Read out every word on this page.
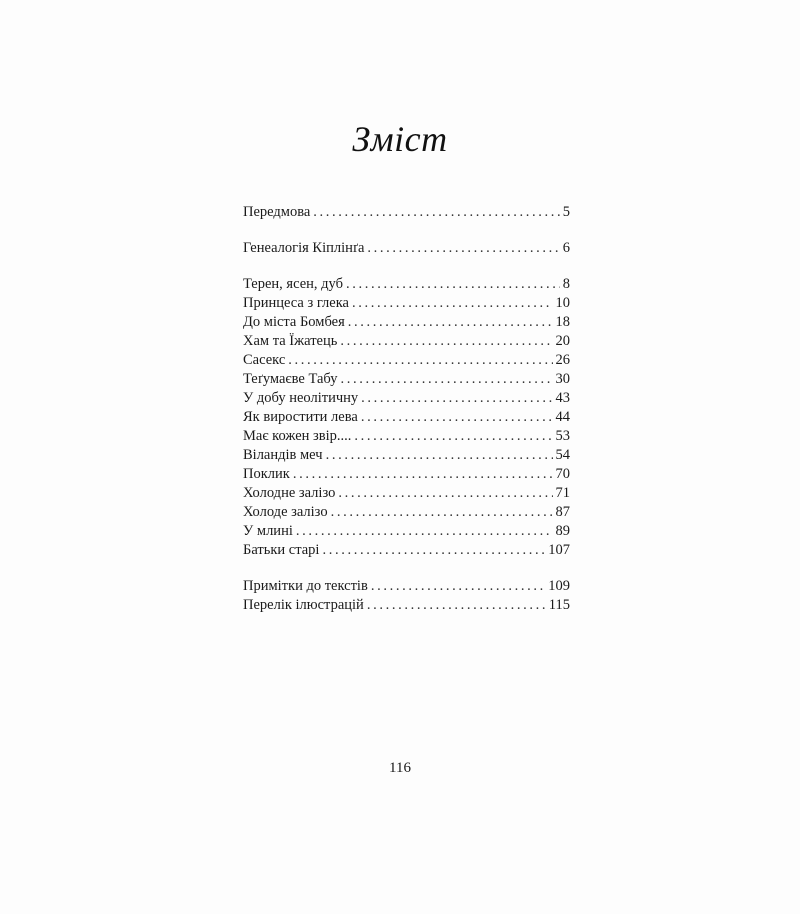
Зміст
Передмова . . .	5
Генеалогія Кіплінґа . . .	6
Терен, ясен, дуб . . .	8
Принцеса з глека . . .	10
До міста Бомбея . . .	18
Хам та Їжатець . . .	20
Сасекс . . .	26
Теґумаєве Табу . . .	30
У добу неолітичну . . .	43
Як виростити лева . . .	44
Має кожен звір.... . . .	53
Віландів меч . . .	54
Поклик . . .	70
Холодне залізо . . .	71
Холоде залізо . . .	87
У млині . . .	89
Батьки старі . . .	107
Примітки до текстів . . .	109
Перелік ілюстрацій . . .	115
116
